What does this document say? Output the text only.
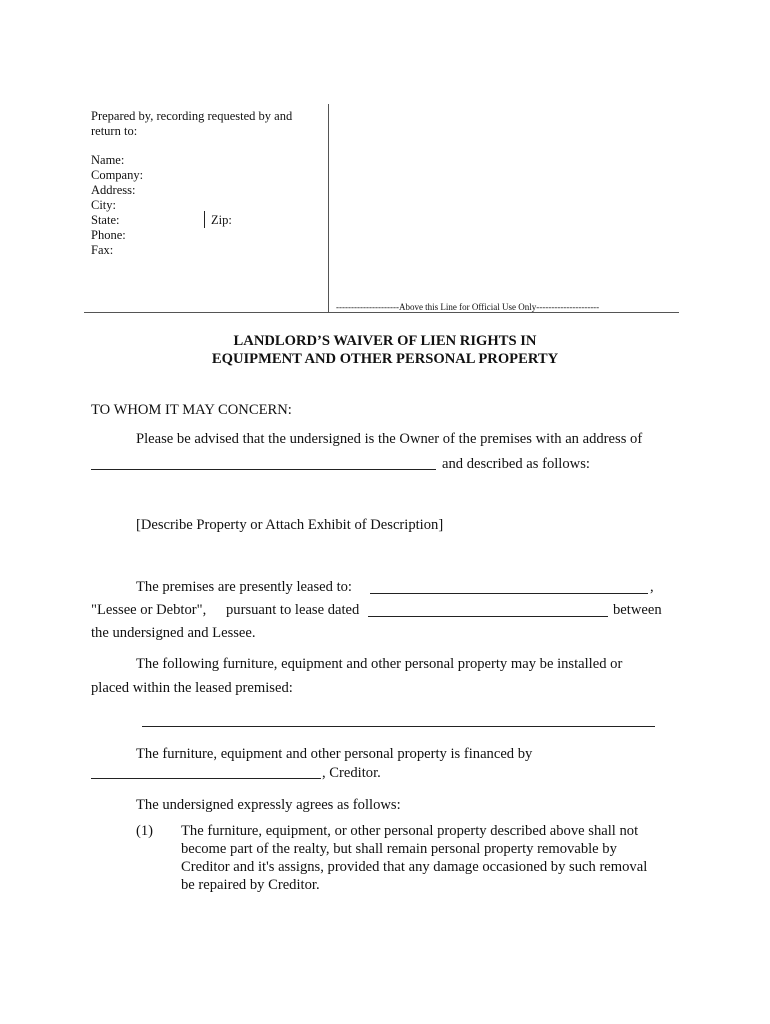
Prepared by, recording requested by and
return to:
Name:
Company:
Address:
City:
State:	Zip:
Phone:
Fax:
---------------------Above this Line for Official Use Only---------------------
LANDLORD’S WAIVER OF LIEN RIGHTS IN
EQUIPMENT AND OTHER PERSONAL PROPERTY
TO WHOM IT MAY CONCERN:
Please be advised that the undersigned is the Owner of the premises with an address of
and described as follows:
[Describe Property or Attach Exhibit of Description]
The premises are presently leased to:	,
"Lessee or Debtor", pursuant to lease dated	between
the undersigned and Lessee.
The following furniture, equipment and other personal property may be installed or
placed within the leased premised:
The furniture, equipment and other personal property is financed by
, Creditor.
The undersigned expressly agrees as follows:
(1) The furniture, equipment, or other personal property described above shall not
become part of the realty, but shall remain personal property removable by
Creditor and it's assigns, provided that any damage occasioned by such removal
be repaired by Creditor.
